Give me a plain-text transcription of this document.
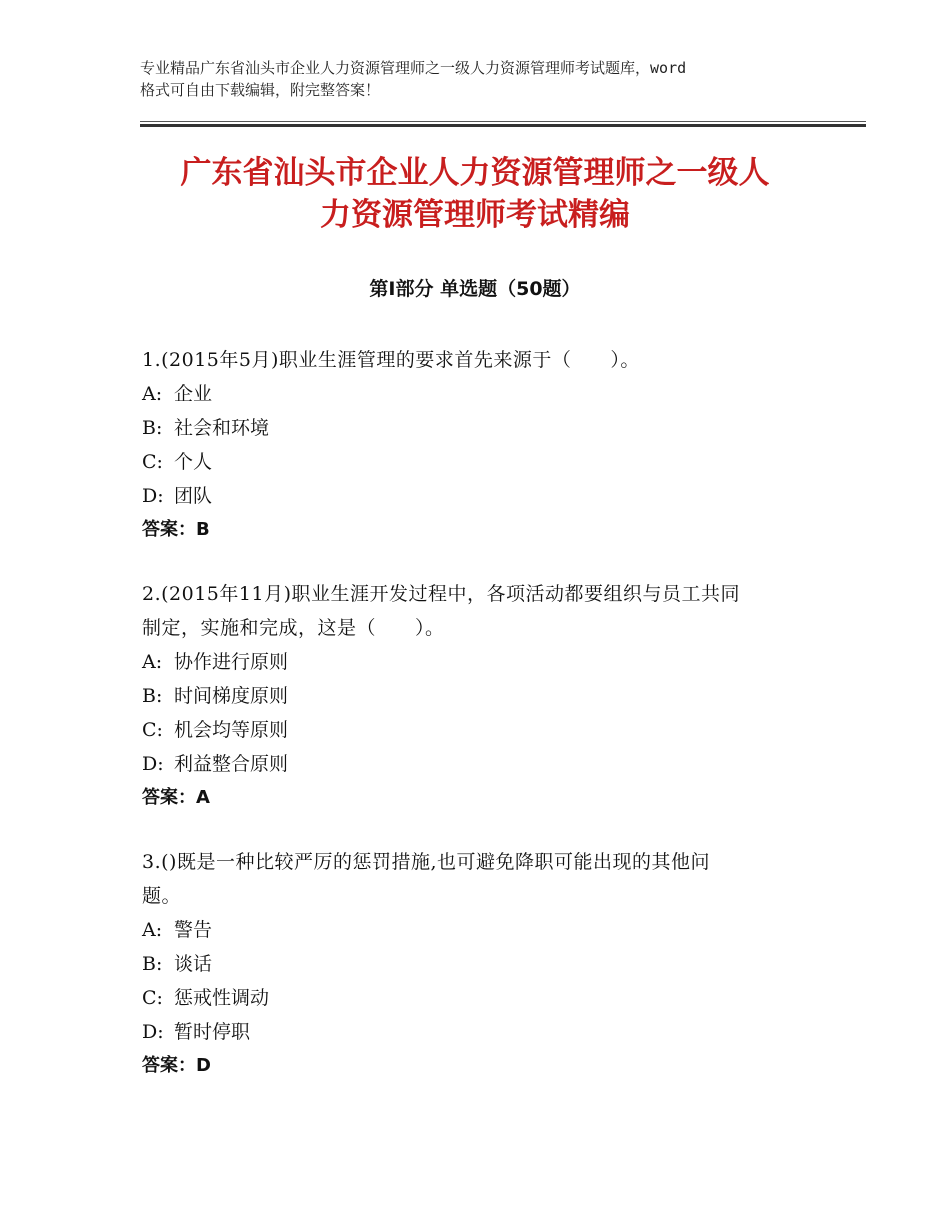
专业精品广东省汕头市企业人力资源管理师之一级人力资源管理师考试题库，word
格式可自由下载编辑，附完整答案！
广东省汕头市企业人力资源管理师之一级人
力资源管理师考试精编
第Ⅰ部分 单选题（50题）
1.(2015年5月)职业生涯管理的要求首先来源于（　　）。
A: 企业
B: 社会和环境
C: 个人
D: 团队
答案：B
2.(2015年11月)职业生涯开发过程中，各项活动都要组织与员工共同
制定，实施和完成，这是（　　）。
A: 协作进行原则
B: 时间梯度原则
C: 机会均等原则
D: 利益整合原则
答案：A
3.()既是一种比较严厉的惩罚措施,也可避免降职可能出现的其他问
题。
A: 警告
B: 谈话
C: 惩戒性调动
D: 暂时停职
答案：D
